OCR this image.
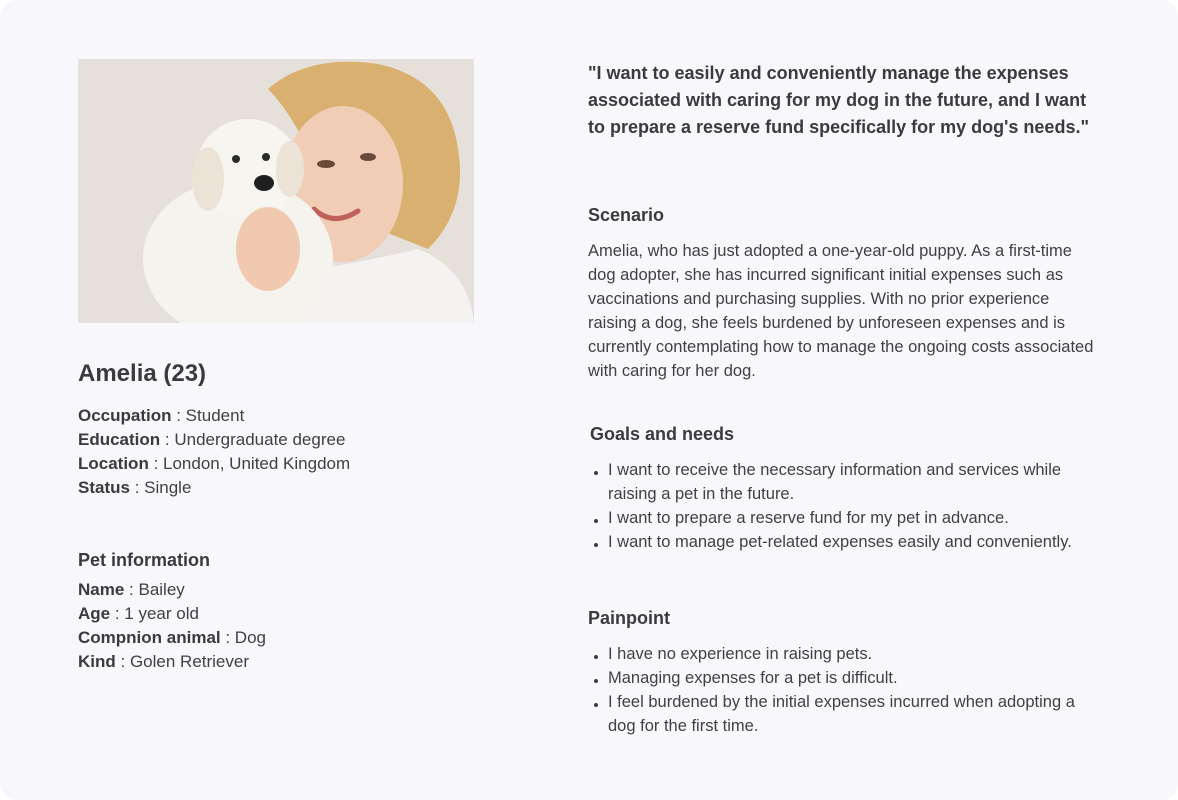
Amelia (23)
Occupation : Student
Education : Undergraduate degree
Location : London, United Kingdom
Status : Single
Pet information
Name : Bailey
Age : 1 year old
Compnion animal : Dog
Kind : Golen Retriever

"I want to easily and conveniently manage the expenses associated with caring for my dog in the future, and I want to prepare a reserve fund specifically for my dog's needs."

Scenario

Amelia, who has just adopted a one-year-old puppy. As a first-time dog adopter, she has incurred significant initial expenses such as vaccinations and purchasing supplies. With no prior experience raising a dog, she feels burdened by unforeseen expenses and is currently contemplating how to manage the ongoing costs associated with caring for her dog.

Goals and needs
I want to receive the necessary information and services while raising a pet in the future.
I want to prepare a reserve fund for my pet in advance.
I want to manage pet-related expenses easily and conveniently.
Painpoint
I have no experience in raising pets.
Managing expenses for a pet is difficult.
I feel burdened by the initial expenses incurred when adopting a dog for the first time.
